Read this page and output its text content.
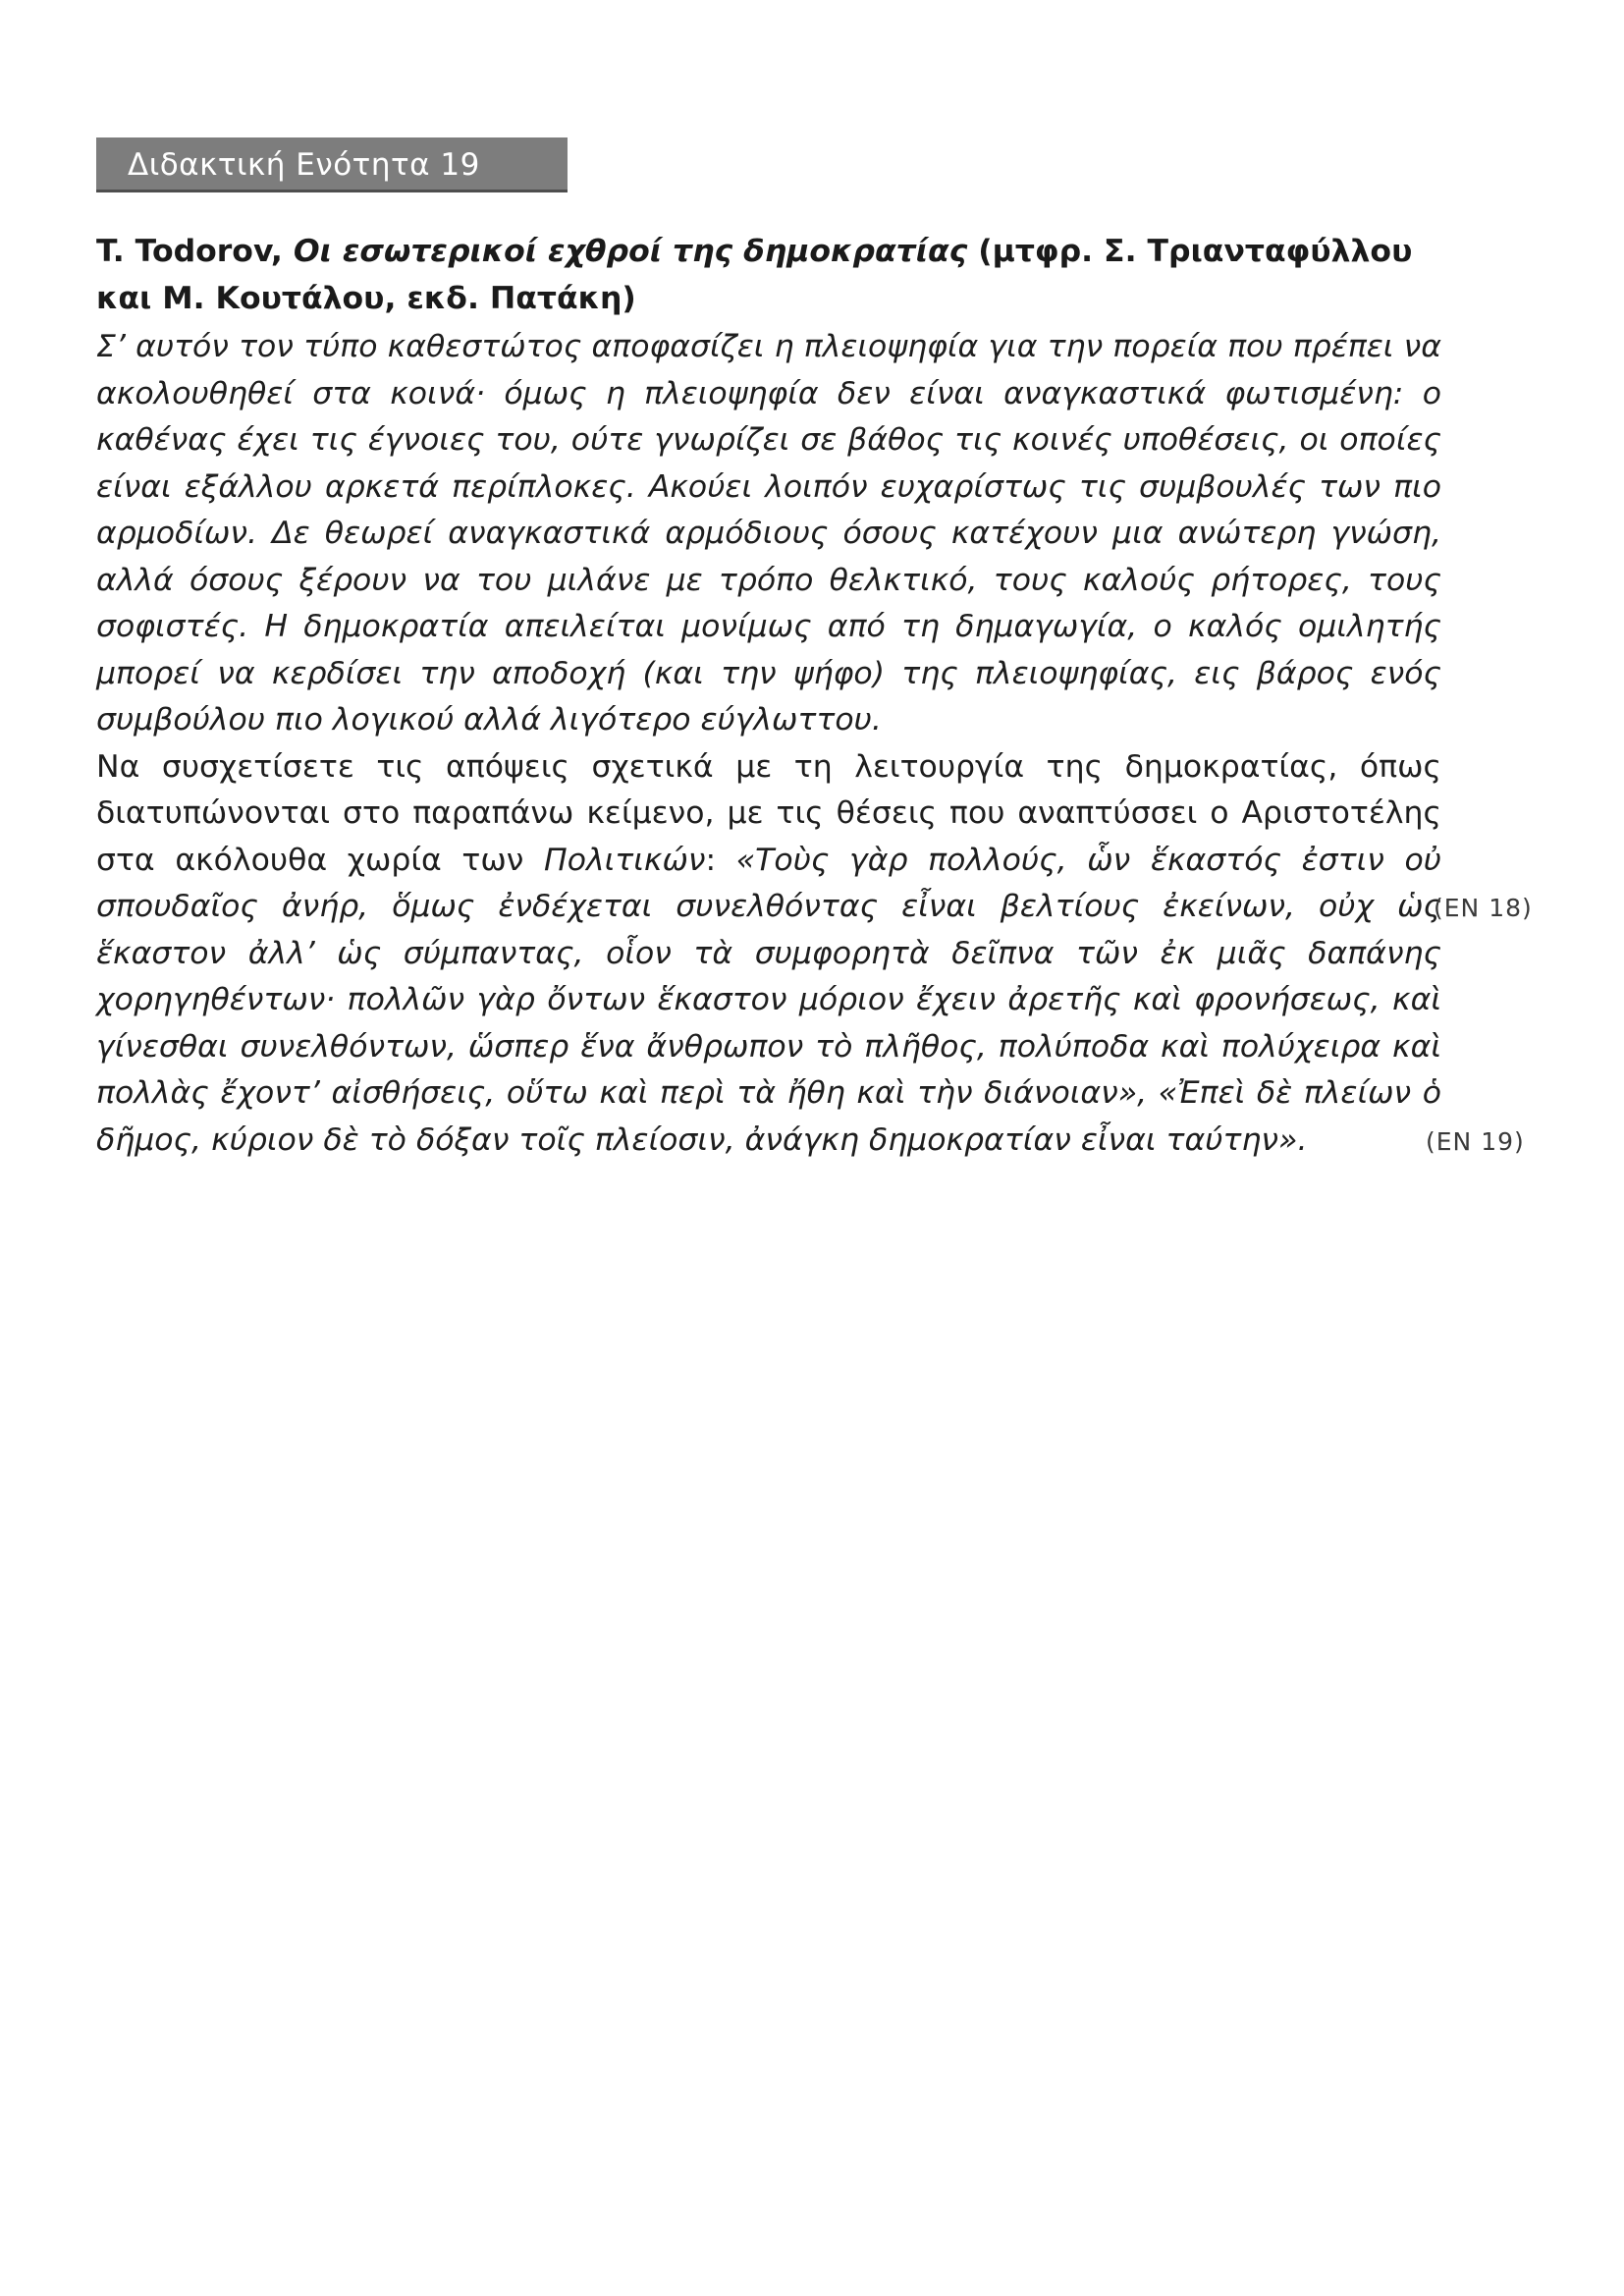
Διδακτική Ενότητα 19

T. Todorov, Οι εσωτερικοί εχθροί της δημοκρατίας (μτφρ. Σ. Τριανταφύλλου και Μ. Κουτάλου, εκδ. Πατάκη)

Σ’ αυτόν τον τύπο καθεστώτος αποφασίζει η πλειοψηφία για την πορεία που πρέπει να ακολουθηθεί στα κοινά· όμως η πλειοψηφία δεν είναι αναγκαστικά φωτισμένη: ο καθένας έχει τις έγνοιες του, ούτε γνωρίζει σε βάθος τις κοινές υποθέσεις, οι οποίες είναι εξάλλου αρκετά περίπλοκες. Ακούει λοιπόν ευχαρίστως τις συμβουλές των πιο αρμοδίων. Δε θεωρεί αναγκαστικά αρμόδιους όσους κατέχουν μια ανώτερη γνώση, αλλά όσους ξέρουν να του μιλάνε με τρόπο θελκτικό, τους καλούς ρήτορες, τους σοφιστές. Η δημοκρατία απειλείται μονίμως από τη δημαγωγία, ο καλός ομιλητής μπορεί να κερδίσει την αποδοχή (και την ψήφο) της πλειοψηφίας, εις βάρος ενός συμβούλου πιο λογικού αλλά λιγότερο εύγλωττου.

Να συσχετίσετε τις απόψεις σχετικά με τη λειτουργία της δημοκρατίας, όπως διατυπώνονται στο παραπάνω κείμενο, με τις θέσεις που αναπτύσσει ο Αριστοτέλης στα ακόλουθα χωρία των Πολιτικών: «Τοὺς γὰρ πολλούς, ὧν ἕκαστός ἐστιν οὐ σπουδαῖος ἀνήρ, ὅμως ἐνδέχεται συνελθόντας εἶναι βελτίους ἐκείνων, οὐχ ὡς ἕκαστον ἀλλ’ ὡς σύμπαντας, οἷον τὰ συμφορητὰ δεῖπνα τῶν ἐκ μιᾶς δαπάνης χορηγηθέντων· πολλῶν γὰρ ὄντων ἕκαστον μόριον ἔχειν ἀρετῆς καὶ φρονήσεως, καὶ γίνεσθαι συνελθόντων, ὥσπερ ἕνα ἄνθρωπον τὸ πλῆθος, πολύποδα καὶ πολύχειρα καὶ πολλὰς ἔχοντ’ αἰσθήσεις, οὕτω καὶ περὶ τὰ ἤθη καὶ τὴν διάνοιαν», «Ἐπεὶ δὲ πλείων ὁ δῆμος, κύριον δὲ τὸ δόξαν τοῖς πλείοσιν, ἀνάγκη δημοκρατίαν εἶναι ταύτην».

(ΕΝ 18)
(ΕΝ 19)
